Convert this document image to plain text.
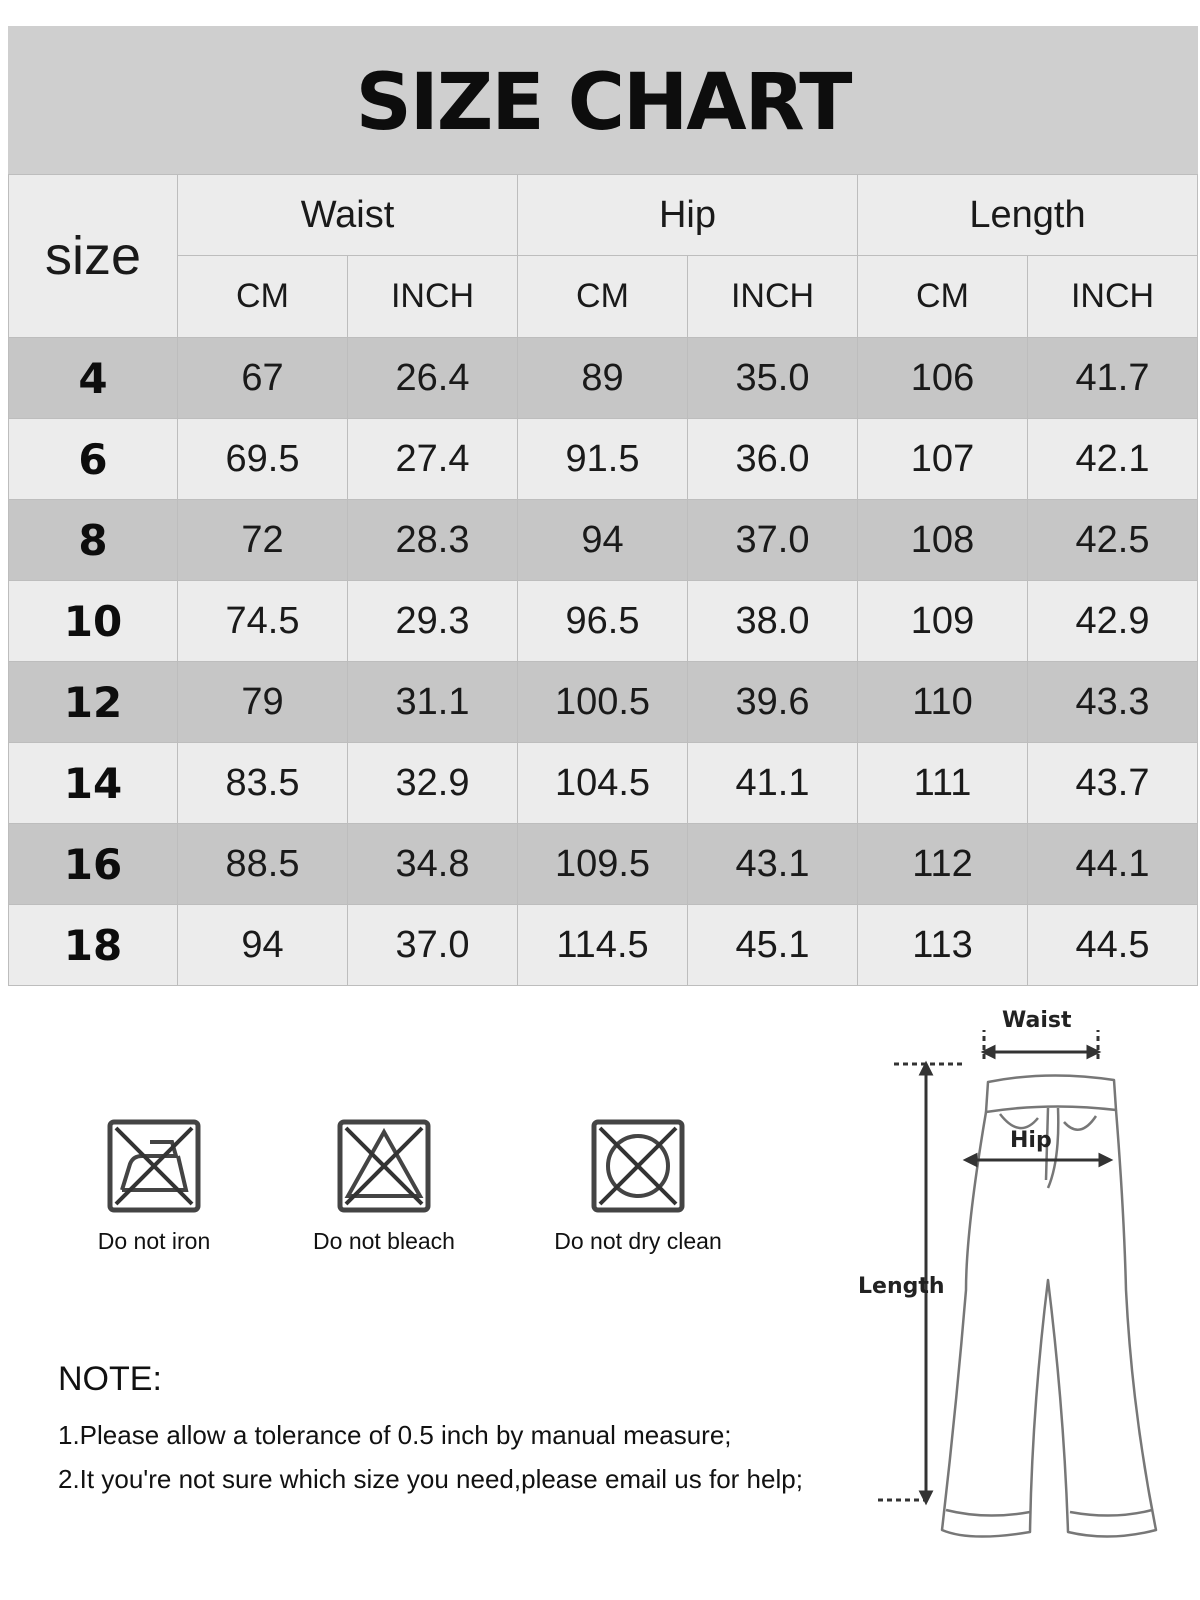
SIZE CHART
size	Waist		Hip		Length	
	CM	INCH	CM	INCH	CM	INCH
4	67	26.4	89	35.0	106	41.7
6	69.5	27.4	91.5	36.0	107	42.1
8	72	28.3	94	37.0	108	42.5
10	74.5	29.3	96.5	38.0	109	42.9
12	79	31.1	100.5	39.6	110	43.3
14	83.5	32.9	104.5	41.1	111	43.7
16	88.5	34.8	109.5	43.1	112	44.1
18	94	37.0	114.5	45.1	113	44.5
Do not iron	Do not bleach	Do not dry clean
NOTE:
1.Please allow a tolerance of 0.5 inch by manual measure;
2.It you're not sure which size you need,please email us for help;
Waist
Hip
Length
